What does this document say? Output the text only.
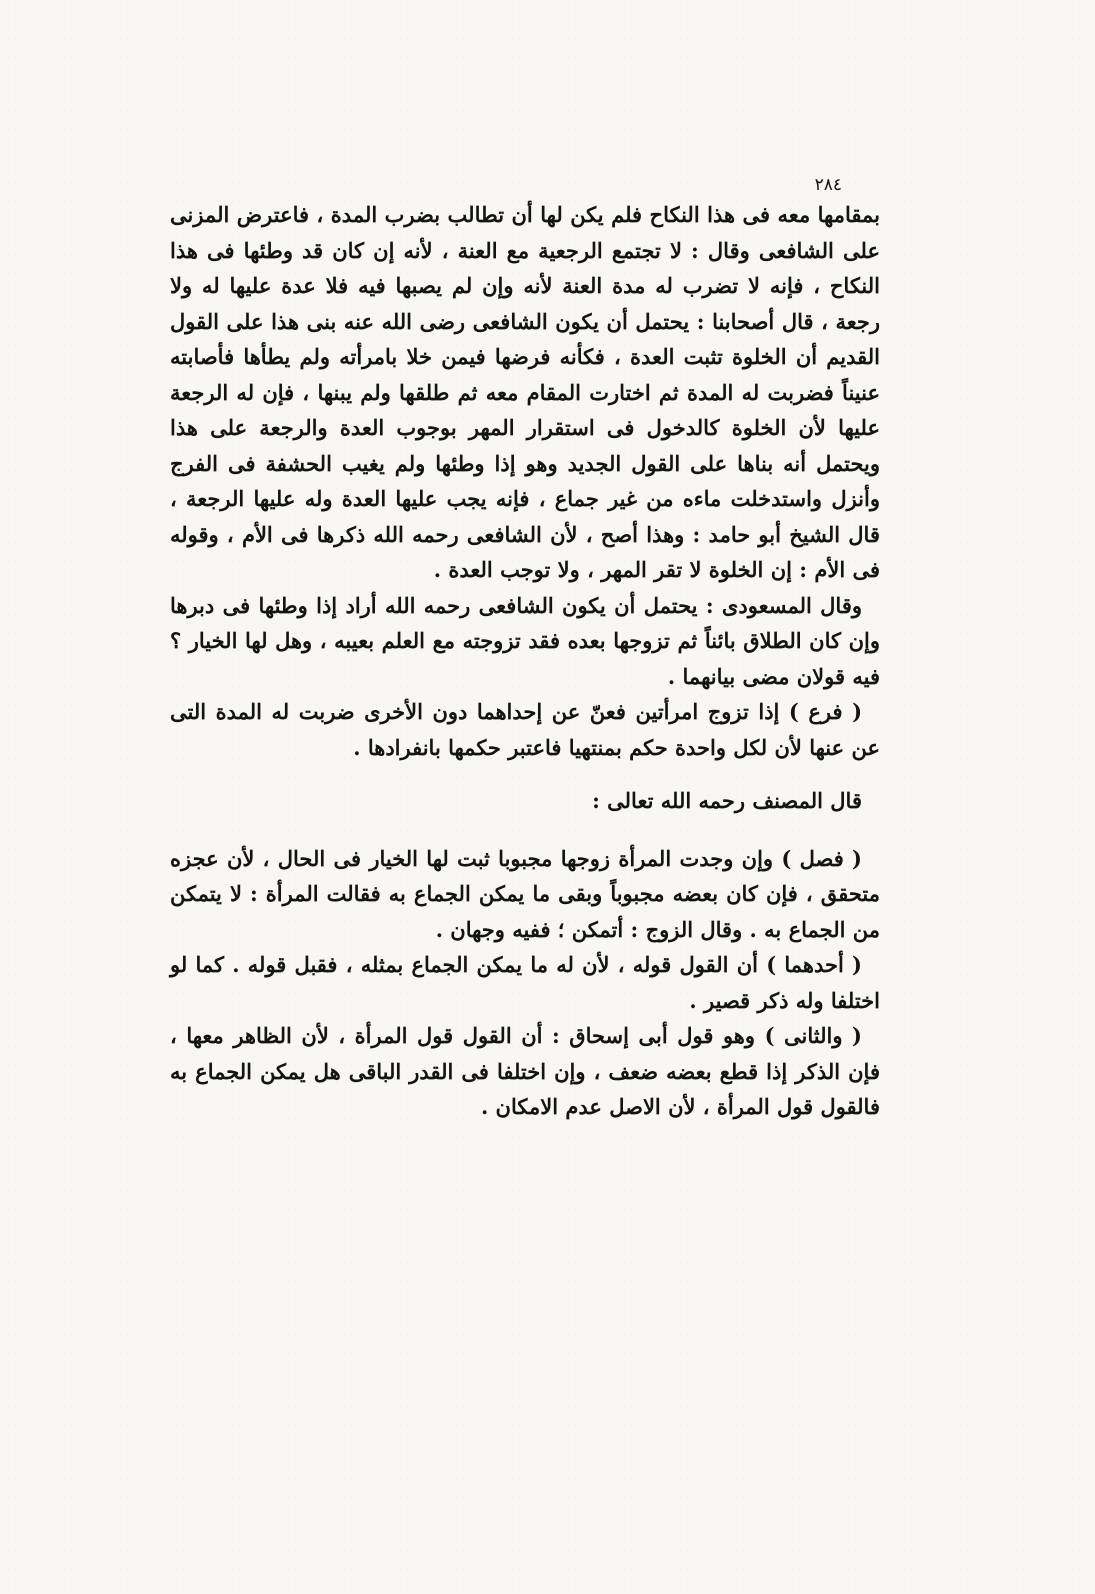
٢٨٤

بمقامها معه فى هذا النكاح فلم يكن لها أن تطالب بضرب المدة ، فاعترض المزنى على الشافعى وقال : لا تجتمع الرجعية مع العنة ، لأنه إن كان قد وطئها فى هذا النكاح ، فإنه لا تضرب له مدة العنة لأنه وإن لم يصبها فيه فلا عدة عليها له ولا رجعة ، قال أصحابنا : يحتمل أن يكون الشافعى رضى الله عنه بنى هذا على القول القديم أن الخلوة تثبت العدة ، فكأنه فرضها فيمن خلا بامرأته ولم يطأها فأصابته عنيناً فضربت له المدة ثم اختارت المقام معه ثم طلقها ولم يبنها ، فإن له الرجعة عليها لأن الخلوة كالدخول فى استقرار المهر بوجوب العدة والرجعة على هذا ويحتمل أنه بناها على القول الجديد وهو إذا وطئها ولم يغيب الحشفة فى الفرج وأنزل واستدخلت ماءه من غير جماع ، فإنه يجب عليها العدة وله عليها الرجعة ، قال الشيخ أبو حامد : وهذا أصح ، لأن الشافعى رحمه الله ذكرها فى الأم ، وقوله فى الأم : إن الخلوة لا تقر المهر ، ولا توجب العدة .

وقال المسعودى : يحتمل أن يكون الشافعى رحمه الله أراد إذا وطئها فى دبرها وإن كان الطلاق بائناً ثم تزوجها بعده فقد تزوجته مع العلم بعيبه ، وهل لها الخيار ؟ فيه قولان مضى بيانهما .

( فرع ) إذا تزوج امرأتين فعنّ عن إحداهما دون الأخرى ضربت له المدة التى عن عنها لأن لكل واحدة حكم بمنتهيا فاعتبر حكمها بانفرادها .

قال المصنف رحمه الله تعالى :

( فصل ) وإن وجدت المرأة زوجها مجبوبا ثبت لها الخيار فى الحال ، لأن عجزه متحقق ، فإن كان بعضه مجبوباً وبقى ما يمكن الجماع به فقالت المرأة : لا يتمكن من الجماع به . وقال الزوج : أتمكن ؛ ففيه وجهان .

( أحدهما ) أن القول قوله ، لأن له ما يمكن الجماع بمثله ، فقبل قوله . كما لو اختلفا وله ذكر قصير .

( والثانى ) وهو قول أبى إسحاق : أن القول قول المرأة ، لأن الظاهر معها ، فإن الذكر إذا قطع بعضه ضعف ، وإن اختلفا فى القدر الباقى هل يمكن الجماع به فالقول قول المرأة ، لأن الاصل عدم الامكان .
